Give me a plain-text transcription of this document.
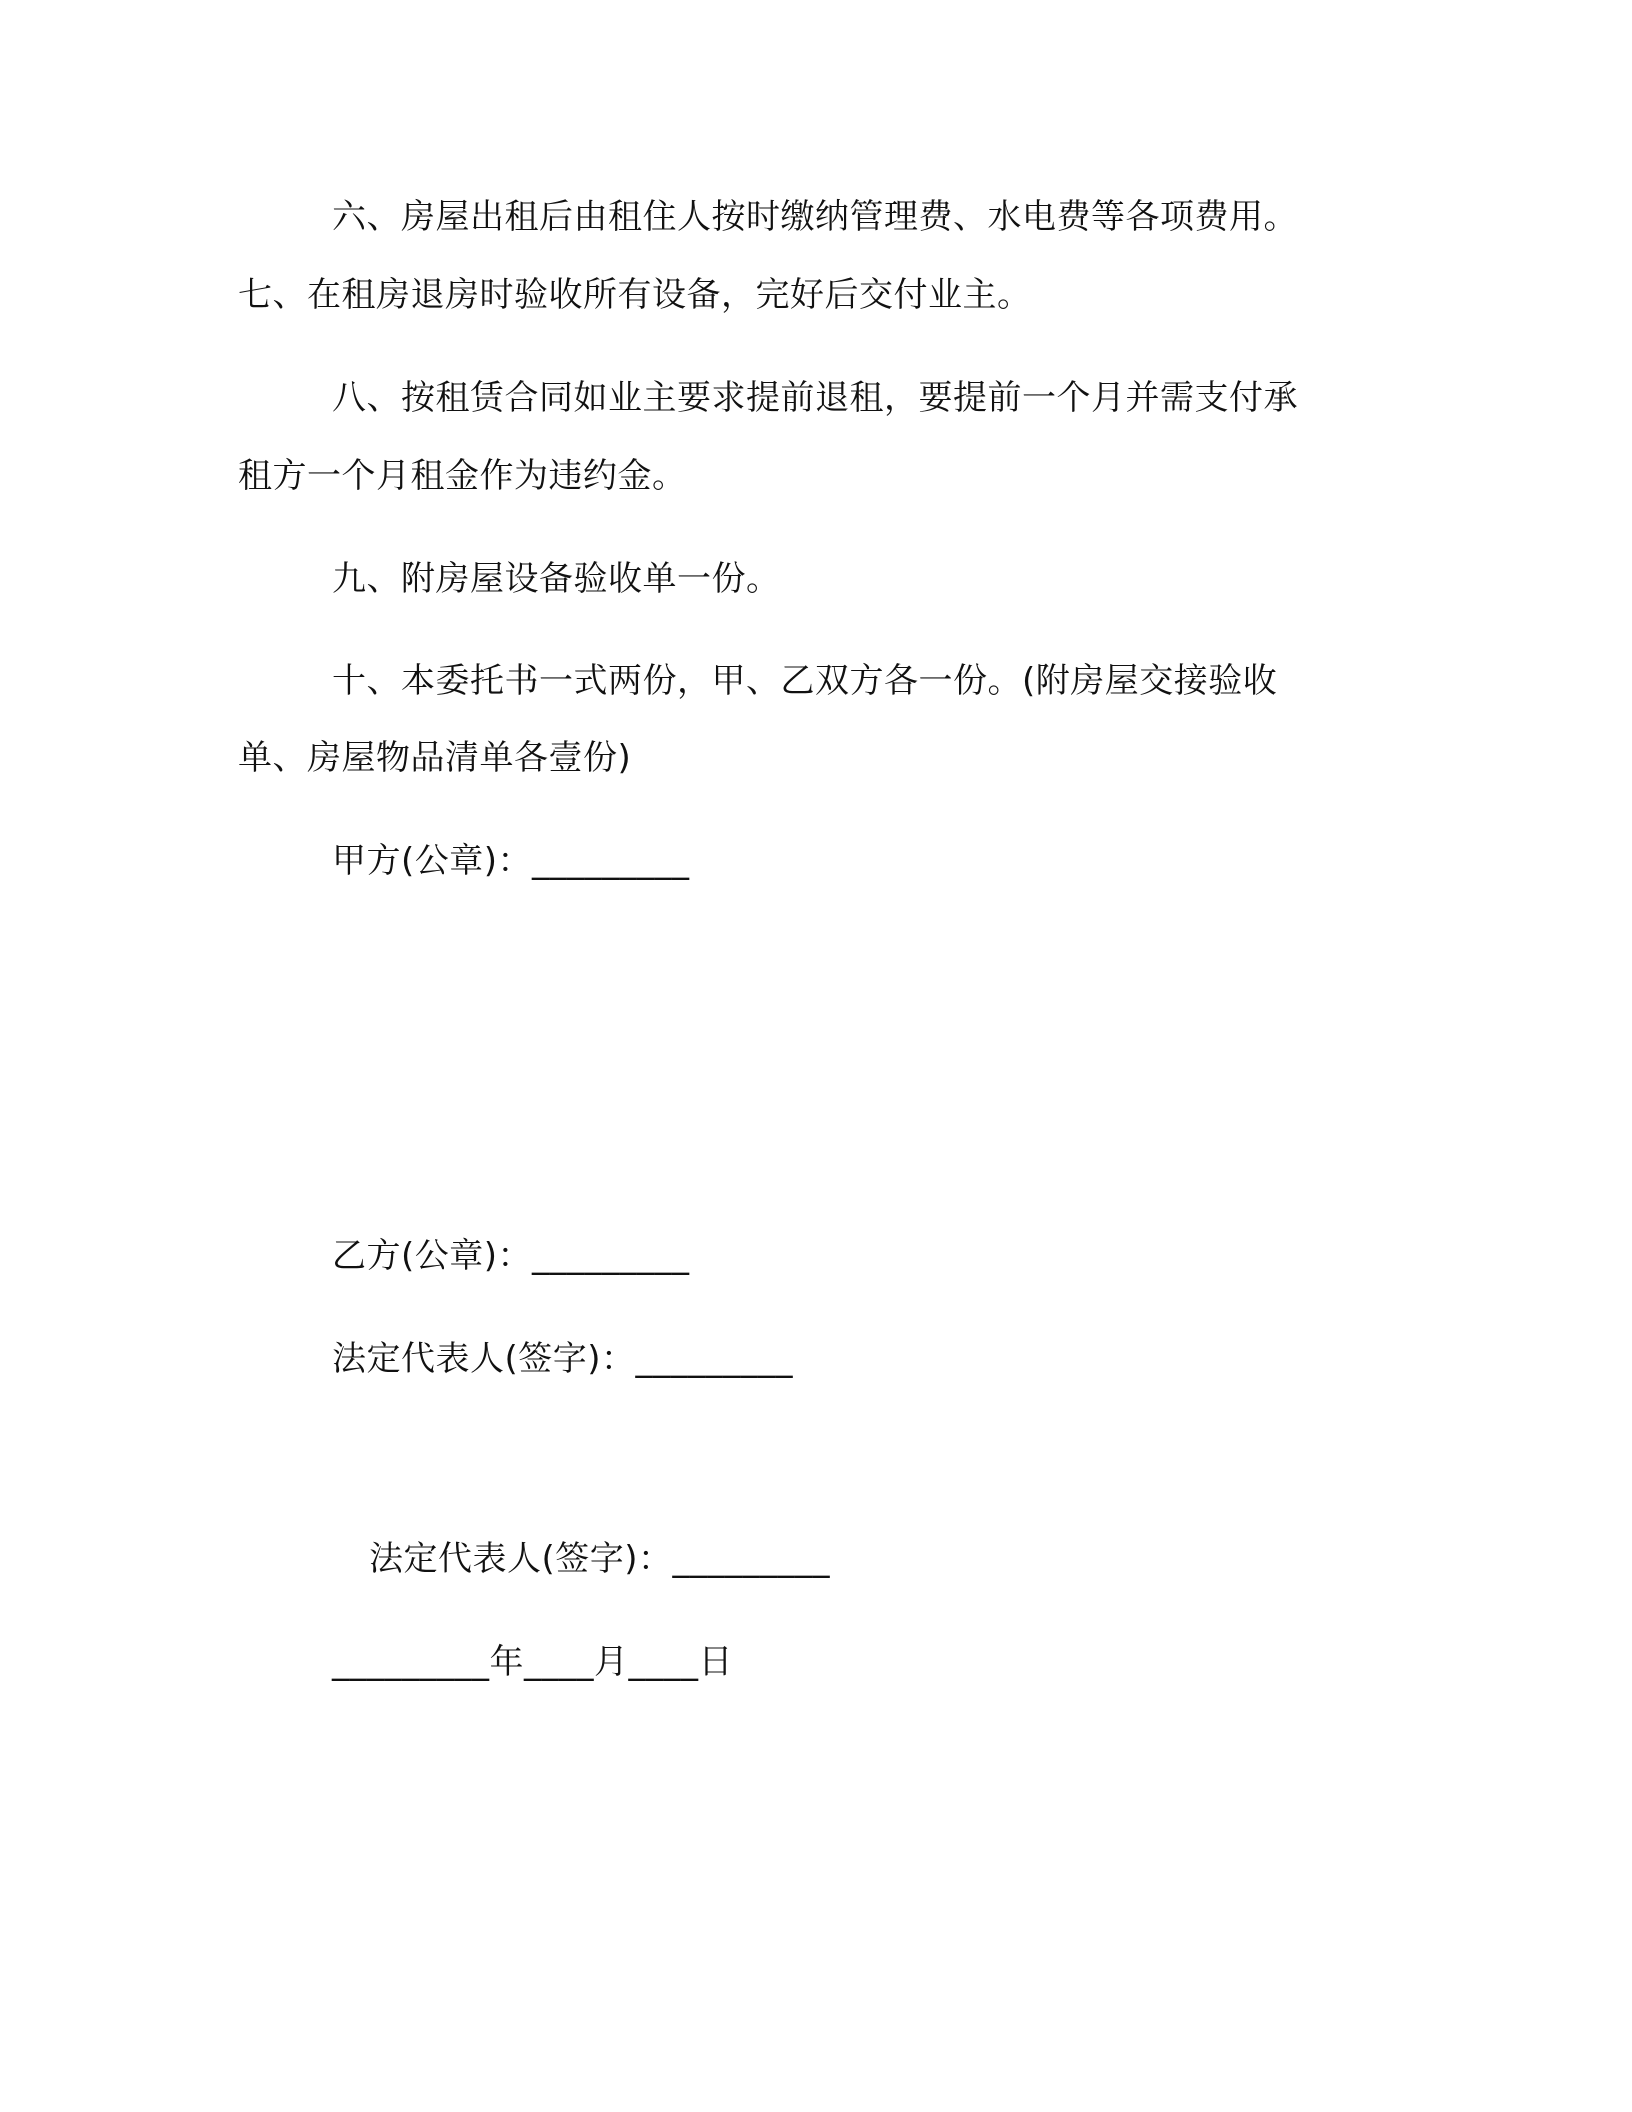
六、房屋出租后由租住人按时缴纳管理费、水电费等各项费用。
七、在租房退房时验收所有设备，完好后交付业主。
八、按租赁合同如业主要求提前退租，要提前一个月并需支付承
租方一个月租金作为违约金。
九、附房屋设备验收单一份。
十、本委托书一式两份，甲、乙双方各一份。(附房屋交接验收
单、房屋物品清单各壹份)
甲方(公章)：_________
乙方(公章)：_________
法定代表人(签字)：_________
法定代表人(签字)：_________
_________年____月____日
